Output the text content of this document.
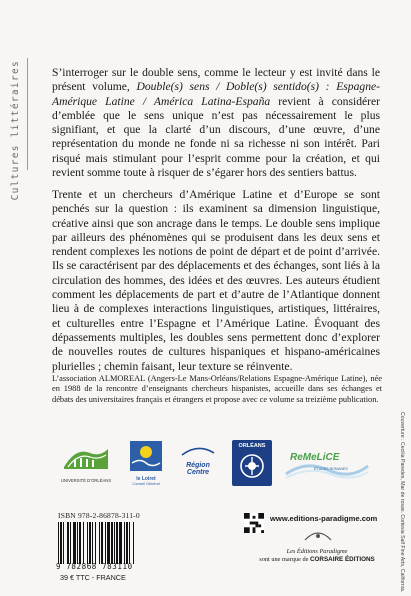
Cultures littéraires	S’interroger sur le double sens, comme le lecteur y est invité dans le présent volume, Double(s) sens / Doble(s) sentido(s) : Espagne-Amérique Latine / América Latina-España revient à considérer d’emblée que le sens unique n’est pas nécessairement le plus signifiant, et que la clarté d’un discours, d’une œuvre, d’une représentation du monde ne fonde ni sa richesse ni son intérêt. Pari risqué mais stimulant pour l’esprit comme pour la création, et qui revient somme toute à risquer de s’égarer hors des sentiers battus.

Trente et un chercheurs d’Amérique Latine et d’Europe se sont penchés sur la question : ils examinent sa dimension linguistique, créative ainsi que son ancrage dans le temps. Le double sens implique par ailleurs des phénomènes qui se produisent dans les deux sens et rendent complexes les notions de point de départ et de point d’arrivée. Ils se caractérisent par des déplacements et des échanges, sont liés à la circulation des hommes, des idées et des œuvres. Les auteurs étudient comment les déplacements de part et d’autre de l’Atlantique donnent lieu à de complexes interactions linguistiques, artistiques, littéraires, et culturelles entre l’Espagne et l’Amérique Latine. Évoquant des dépassements multiples, les doubles sens permettent donc d’explorer de nouvelles routes de cultures hispaniques et hispano-américaines plurielles ; chemin faisant, leur texture se réinvente.

L’association ALMOREAL (Angers-Le Mans-Orléans/Relations Espagne-Amérique Latine), née en 1988 de la rencontre d’enseignants chercheurs hispanistes, accueille dans ses échanges et débats des universitaires français et étrangers et propose avec ce volume sa treizième publication.

UNIVERSITÉ D’ORLÉANS	le Loiret
Conseil Général
Région
Centre
ORLÉANS
ReMeLiCE
ÉTUDES ROMANES
ISBN 978-2-86878-311-0
9 782868 783110
39 € TTC - FRANCE
www.editions-paradigme.com
Les Éditions Paradigme
sont une marque de CORSAIRE ÉDITIONS	Couverture : Cecilia Paredes, Mar de rosas. Cortesia Salf Fine Arts, California.
